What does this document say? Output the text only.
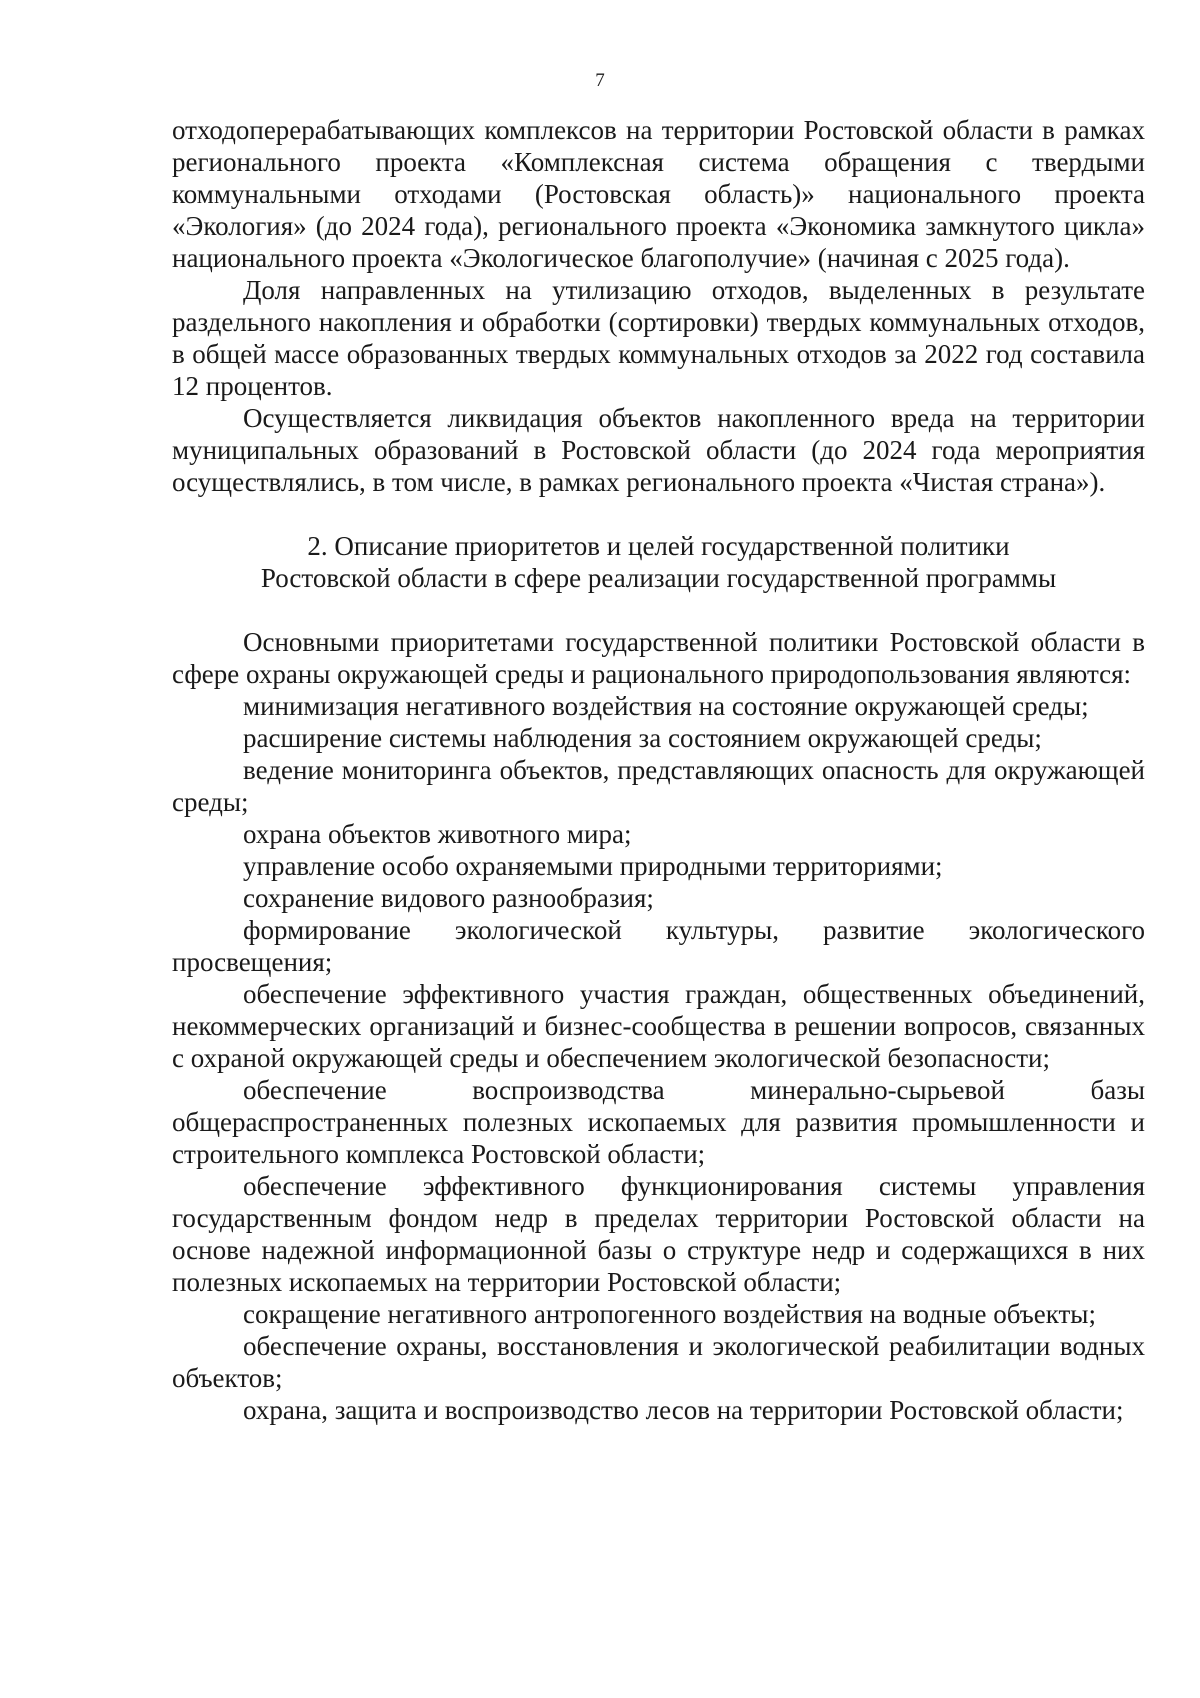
7

отходоперерабатывающих комплексов на территории Ростовской области в рамках регионального проекта «Комплексная система обращения с твердыми коммунальными отходами (Ростовская область)» национального проекта «Экология» (до 2024 года), регионального проекта «Экономика замкнутого цикла» национального проекта «Экологическое благополучие» (начиная с 2025 года).

Доля направленных на утилизацию отходов, выделенных в результате раздельного накопления и обработки (сортировки) твердых коммунальных отходов, в общей массе образованных твердых коммунальных отходов за 2022 год составила 12 процентов.

Осуществляется ликвидация объектов накопленного вреда на территории муниципальных образований в Ростовской области (до 2024 года мероприятия осуществлялись, в том числе, в рамках регионального проекта «Чистая страна»).

2. Описание приоритетов и целей государственной политики
Ростовской области в сфере реализации государственной программы

Основными приоритетами государственной политики Ростовской области в сфере охраны окружающей среды и рационального природопользования являются:

минимизация негативного воздействия на состояние окружающей среды;

расширение системы наблюдения за состоянием окружающей среды;

ведение мониторинга объектов, представляющих опасность для окружающей среды;

охрана объектов животного мира;

управление особо охраняемыми природными территориями;

сохранение видового разнообразия;

формирование экологической культуры, развитие экологического просвещения;

обеспечение эффективного участия граждан, общественных объединений, некоммерческих организаций и бизнес-сообщества в решении вопросов, связанных с охраной окружающей среды и обеспечением экологической безопасности;

обеспечение воспроизводства минерально-сырьевой базы общераспространенных полезных ископаемых для развития промышленности и строительного комплекса Ростовской области;

обеспечение эффективного функционирования системы управления государственным фондом недр в пределах территории Ростовской области на основе надежной информационной базы о структуре недр и содержащихся в них полезных ископаемых на территории Ростовской области;

сокращение негативного антропогенного воздействия на водные объекты;

обеспечение охраны, восстановления и экологической реабилитации водных объектов;

охрана, защита и воспроизводство лесов на территории Ростовской области;
